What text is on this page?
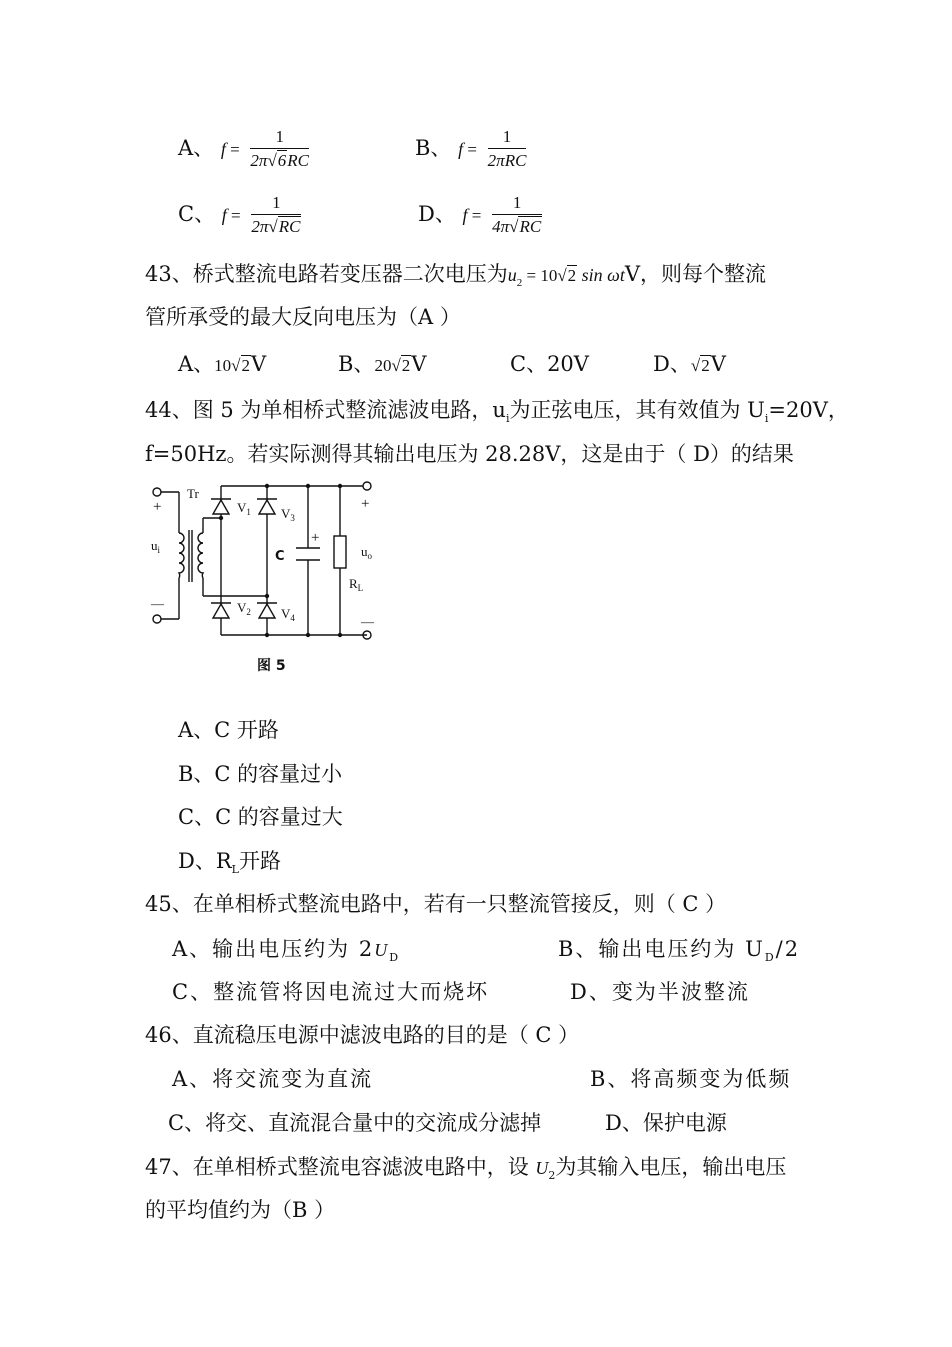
A、 $f = \frac{1}{2\pi√6RC}$	B、 $f = \frac{1}{\text{2πRC}}$
C、 $f = \frac{1}{2\pi√RC}$	D、 $f = \frac{1}{4\pi√RC}$
43、桥式整流电路若变压器二次电压为$u_2 = 10√2$ sin ωtV，则每个整流
管所承受的最大反向电压为（A ）
A、10√2V	B、20√2V	C、20V	D、√2V
44、图 5 为单相桥式整流滤波电路，$u_i$为正弦电压，其有效值为 $U_i=20V$，
f=50Hz。若实际测得其输出电压为 28.28V，这是由于（ D）的结果
Tr
+
—
$u_i$
$V_1$ $V_3$
$V_2$ $V_4$
C
+
$R_L$
$u_o$
+
—
图 5
A、C 开路
B、C 的容量过小
C、C 的容量过大
D、$R_L$开路
45、在单相桥式整流电路中，若有一只整流管接反，则（ C ）
A、输出电压约为 $2U_D$	B、输出电压约为 $U_D/2$
C、整流管将因电流过大而烧坏	D、变为半波整流
46、直流稳压电源中滤波电路的目的是（ C ）
A、将交流变为直流	B、将高频变为低频
C、将交、直流混合量中的交流成分滤掉	D、保护电源
47、在单相桥式整流电容滤波电路中，设 $U_2$为其输入电压，输出电压
的平均值约为（B ）
